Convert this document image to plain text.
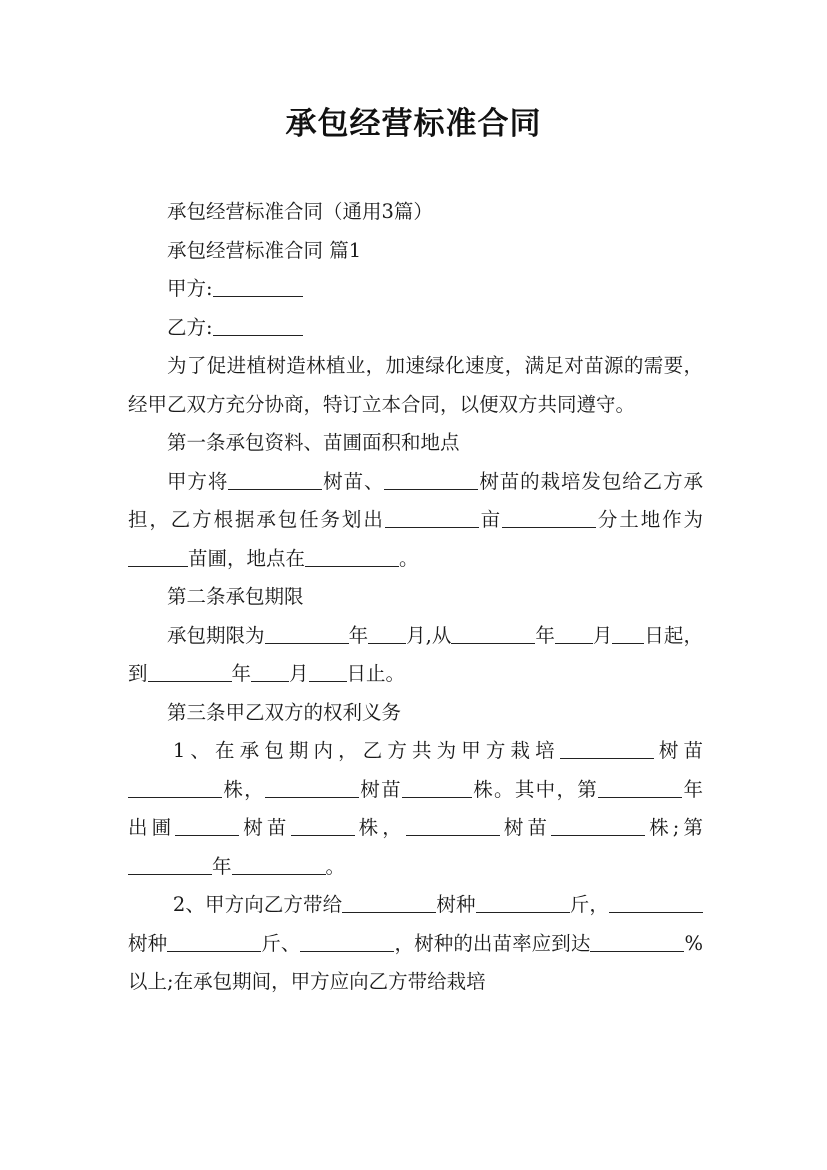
承包经营标准合同

承包经营标准合同（通用3篇）

承包经营标准合同 篇1

甲方:

乙方:

为了促进植树造林植业，加速绿化速度，满足对苗源的需要，经甲乙双方充分协商，特订立本合同，以便双方共同遵守。

第一条承包资料、苗圃面积和地点

甲方将	树苗、	树苗的栽培发包给乙方承担，乙方根据承包任务划出	亩	分土地作为苗圃，地点在	。

第二条承包期限

承包期限为	年 月,从	年 月 日起，到	年 月 日止。

第三条甲乙双方的权利义务

1、在承包期内，乙方共为甲方栽培	树苗株，	树苗	株。其中，第	年出圃	树苗	株，	树苗	株;第年	。

2、甲方向乙方带给	树种	斤，树种	斤、	，树种的出苗率应到达	%以上;在承包期间，甲方应向乙方带给栽培
